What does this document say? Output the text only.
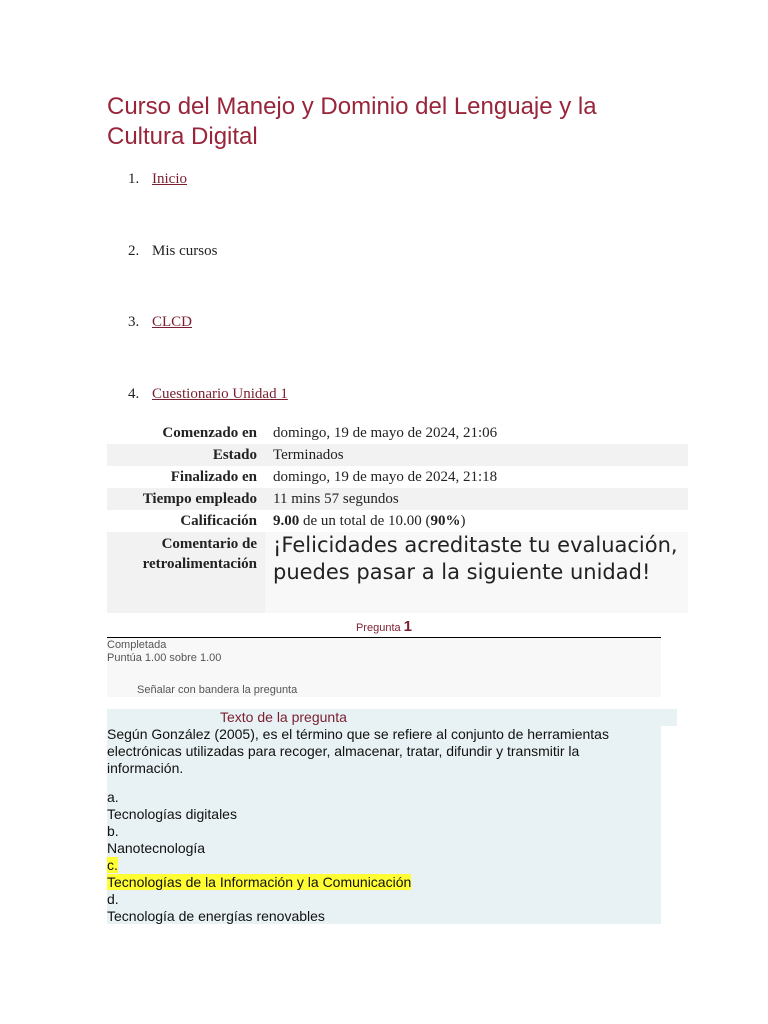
Curso del Manejo y Dominio del Lenguaje y la Cultura Digital
1. Inicio
2. Mis cursos
3. CLCD
4. Cuestionario Unidad 1
Comenzado en	domingo, 19 de mayo de 2024, 21:06
Estado	Terminados
Finalizado en	domingo, 19 de mayo de 2024, 21:18
Tiempo empleado	11 mins 57 segundos
Calificación	9.00 de un total de 10.00 (90%)
Comentario de
retroalimentación	¡Felicidades acreditaste tu evaluación, puedes pasar a la siguiente unidad!
Pregunta 1
Completada
Puntúa 1.00 sobre 1.00
Señalar con bandera la pregunta
Texto de la pregunta
Según González (2005), es el término que se refiere al conjunto de herramientas electrónicas utilizadas para recoger, almacenar, tratar, difundir y transmitir la información.
a.
Tecnologías digitales
b.
Nanotecnología
c.
Tecnologías de la Información y la Comunicación
d.
Tecnología de energías renovables
